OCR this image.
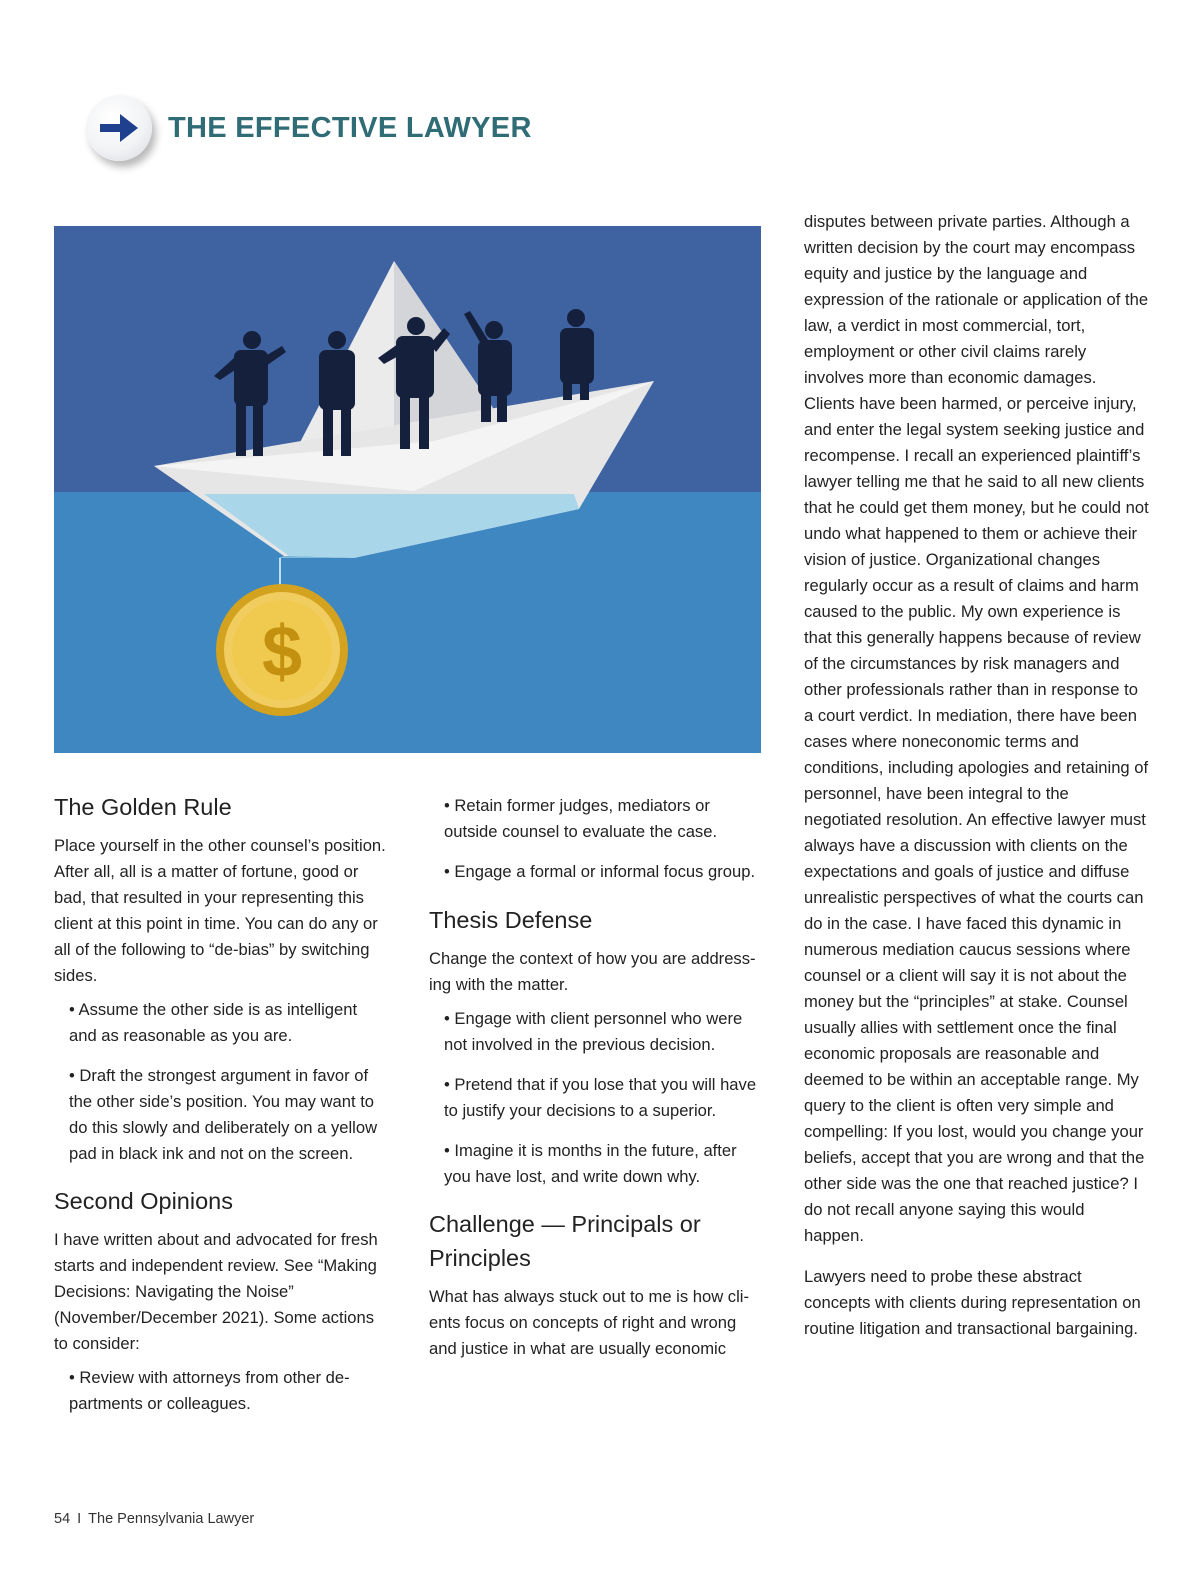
THE EFFECTIVE LAWYER
$
The Golden Rule

Place yourself in the other counsel’s position. After all, all is a matter of fortune, good or bad, that resulted in your representing this client at this point in time. You can do any or all of the following to “de-bias” by switching sides.

• Assume the other side is as intelligent and as reasonable as you are.

• Draft the strongest argument in favor of the other side’s position. You may want to do this slowly and deliberately on a yellow pad in black ink and not on the screen.

Second Opinions

I have written about and advocated for fresh starts and independent review. See “Making Decisions: Navigating the Noise” (November/December 2021). Some actions to consider:

• Review with attorneys from other departments or colleagues.

• Retain former judges, mediators or outside counsel to evaluate the case.

• Engage a formal or informal focus group.

Thesis Defense

Change the context of how you are addressing with the matter.

• Engage with client personnel who were not involved in the previous decision.

• Pretend that if you lose that you will have to justify your decisions to a superior.

• Imagine it is months in the future, after you have lost, and write down why.

Challenge — Principals or Principles

What has always stuck out to me is how clients focus on concepts of right and wrong and justice in what are usually economic

disputes between private parties. Although a written decision by the court may encompass equity and justice by the language and expression of the rationale or application of the law, a verdict in most commercial, tort, employment or other civil claims rarely involves more than economic damages. Clients have been harmed, or perceive injury, and enter the legal system seeking justice and recompense. I recall an experienced plaintiff’s lawyer telling me that he said to all new clients that he could get them money, but he could not undo what happened to them or achieve their vision of justice. Organizational changes regularly occur as a result of claims and harm caused to the public. My own experience is that this generally happens because of review of the circumstances by risk managers and other professionals rather than in response to a court verdict. In mediation, there have been cases where noneconomic terms and conditions, including apologies and retaining of personnel, have been integral to the negotiated resolution. An effective lawyer must always have a discussion with clients on the expectations and goals of justice and diffuse unrealistic perspectives of what the courts can do in the case. I have faced this dynamic in numerous mediation caucus sessions where counsel or a client will say it is not about the money but the “principles” at stake. Counsel usually allies with settlement once the final economic proposals are reasonable and deemed to be within an acceptable range. My query to the client is often very simple and compelling: If you lost, would you change your beliefs, accept that you are wrong and that the other side was the one that reached justice? I do not recall anyone saying this would happen.

Lawyers need to probe these abstract concepts with clients during representation on routine litigation and transactional bargaining.

54 I The Pennsylvania Lawyer
